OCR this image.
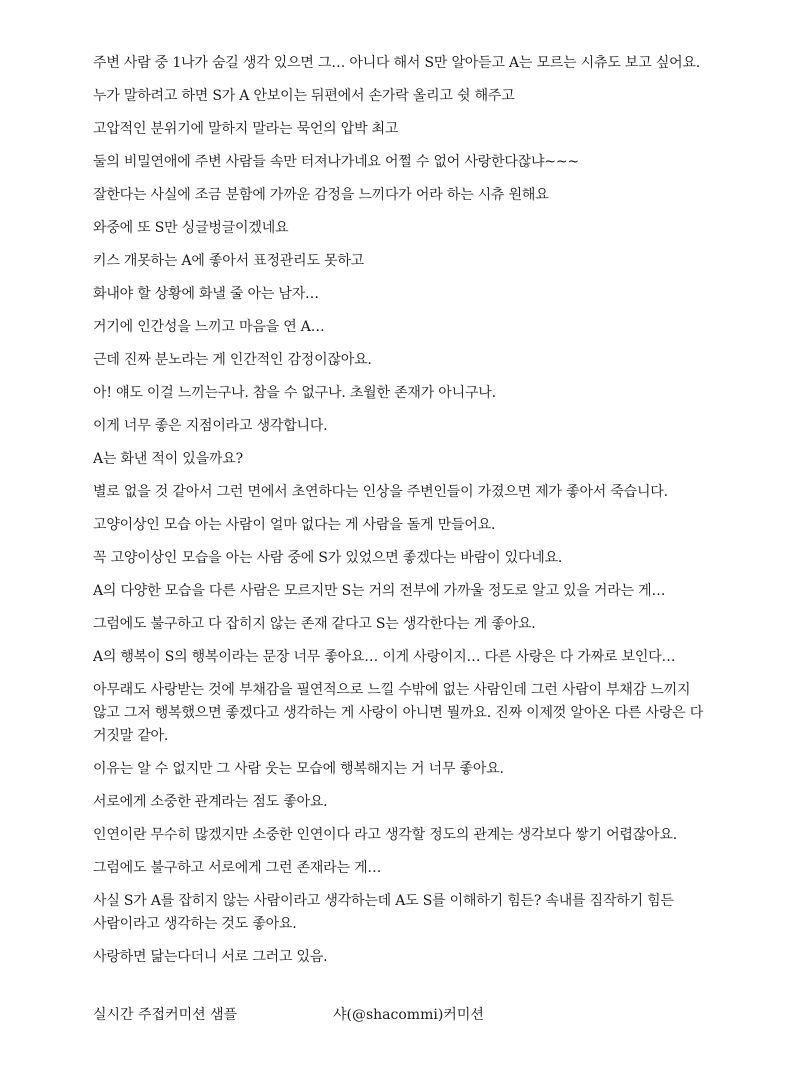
주변 사람 중 1나가 숨길 생각 있으면 그… 아니다 해서 S만 알아듣고 A는 모르는 시츄도 보고 싶어요.

누가 말하려고 하면 S가 A 안보이는 뒤편에서 손가락 올리고 쉿 해주고

고압적인 분위기에 말하지 말라는 묵언의 압박 최고

둘의 비밀연애에 주변 사람들 속만 터져나가네요 어쩔 수 없어 사랑한다잖냐~~~

잘한다는 사실에 조금 분함에 가까운 감정을 느끼다가 어라 하는 시츄 원해요

와중에 또 S만 싱글벙글이겠네요

키스 개못하는 A에 좋아서 표정관리도 못하고

화내야 할 상황에 화낼 줄 아는 남자…

거기에 인간성을 느끼고 마음을 연 A…

근데 진짜 분노라는 게 인간적인 감정이잖아요.

아! 얘도 이걸 느끼는구나. 참을 수 없구나. 초월한 존재가 아니구나.

이게 너무 좋은 지점이라고 생각합니다.

A는 화낸 적이 있을까요?

별로 없을 것 같아서 그런 면에서 초연하다는 인상을 주변인들이 가졌으면 제가 좋아서 죽습니다.

고양이상인 모습 아는 사람이 얼마 없다는 게 사람을 돌게 만들어요.

꼭 고양이상인 모습을 아는 사람 중에 S가 있었으면 좋겠다는 바람이 있다네요.

A의 다양한 모습을 다른 사람은 모르지만 S는 거의 전부에 가까울 정도로 알고 있을 거라는 게…

그럼에도 불구하고 다 잡히지 않는 존재 같다고 S는 생각한다는 게 좋아요.

A의 행복이 S의 행복이라는 문장 너무 좋아요… 이게 사랑이지… 다른 사랑은 다 가짜로 보인다…

아무래도 사랑받는 것에 부채감을 필연적으로 느낄 수밖에 없는 사람인데 그런 사람이 부채감 느끼지 않고 그저 행복했으면 좋겠다고 생각하는 게 사랑이 아니면 뭘까요. 진짜 이제껏 알아온 다른 사랑은 다 거짓말 같아.

이유는 알 수 없지만 그 사람 웃는 모습에 행복해지는 거 너무 좋아요.

서로에게 소중한 관계라는 점도 좋아요.

인연이란 무수히 많겠지만 소중한 인연이다 라고 생각할 정도의 관계는 생각보다 쌓기 어렵잖아요.

그럼에도 불구하고 서로에게 그런 존재라는 게…

사실 S가 A를 잡히지 않는 사람이라고 생각하는데 A도 S를 이해하기 힘든? 속내를 짐작하기 힘든 사람이라고 생각하는 것도 좋아요.

사랑하면 닮는다더니 서로 그러고 있음.

실시간 주접커미션 샘플	샤(@shacommi)커미션
